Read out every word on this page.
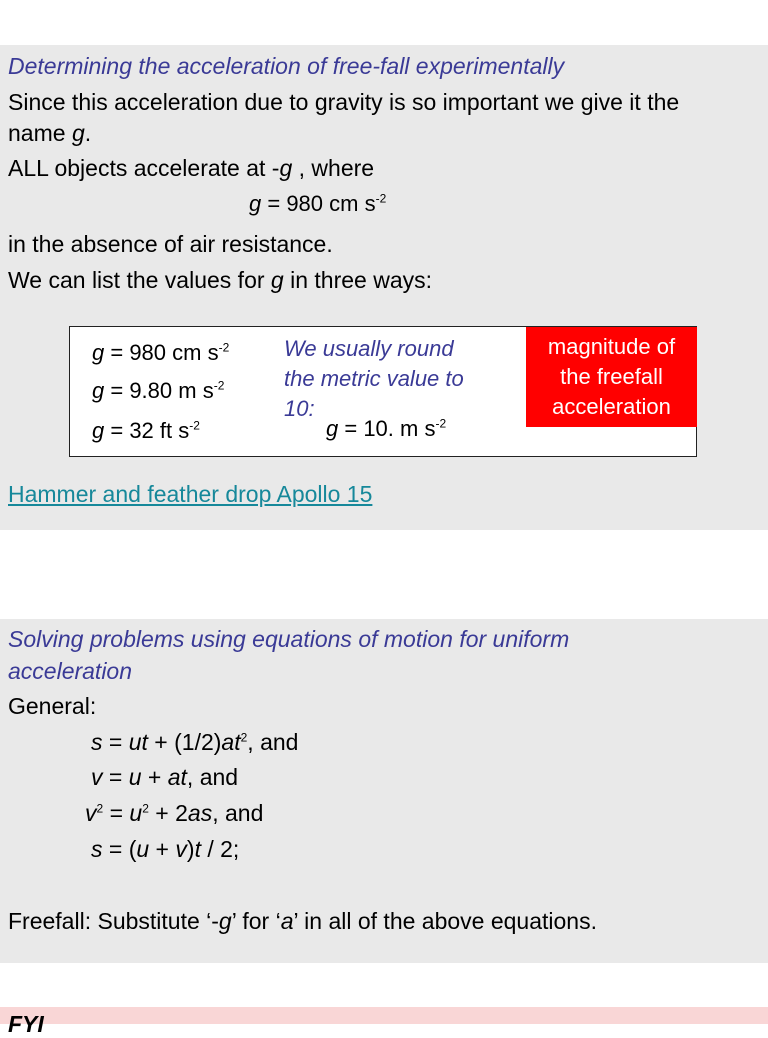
Determining the acceleration of free-fall experimentally
Since this acceleration due to gravity is so important we give it the
name g.
ALL objects accelerate at -g , where
g = 980 cm $s^{-2}$
in the absence of air resistance.
We can list the values for g in three ways:
g = 980 cm $s^{-2}$
g = 9.80 m $s^{-2}$
g = 32 ft $s^{-2}$
We usually round
the metric value to
10:
g = 10. m $s^{-2}$
magnitude of
the freefall
acceleration
Hammer and feather drop Apollo 15
Solving problems using equations of motion for uniform
acceleration
General:
s = ut + $(1/2)at^2$, and
v = u + at, and
$v^2 = u^2 + 2as$, and
s = (u + v)t / 2;
Freefall: Substitute ‘-g’ for ‘a’ in all of the above equations.
FYI
